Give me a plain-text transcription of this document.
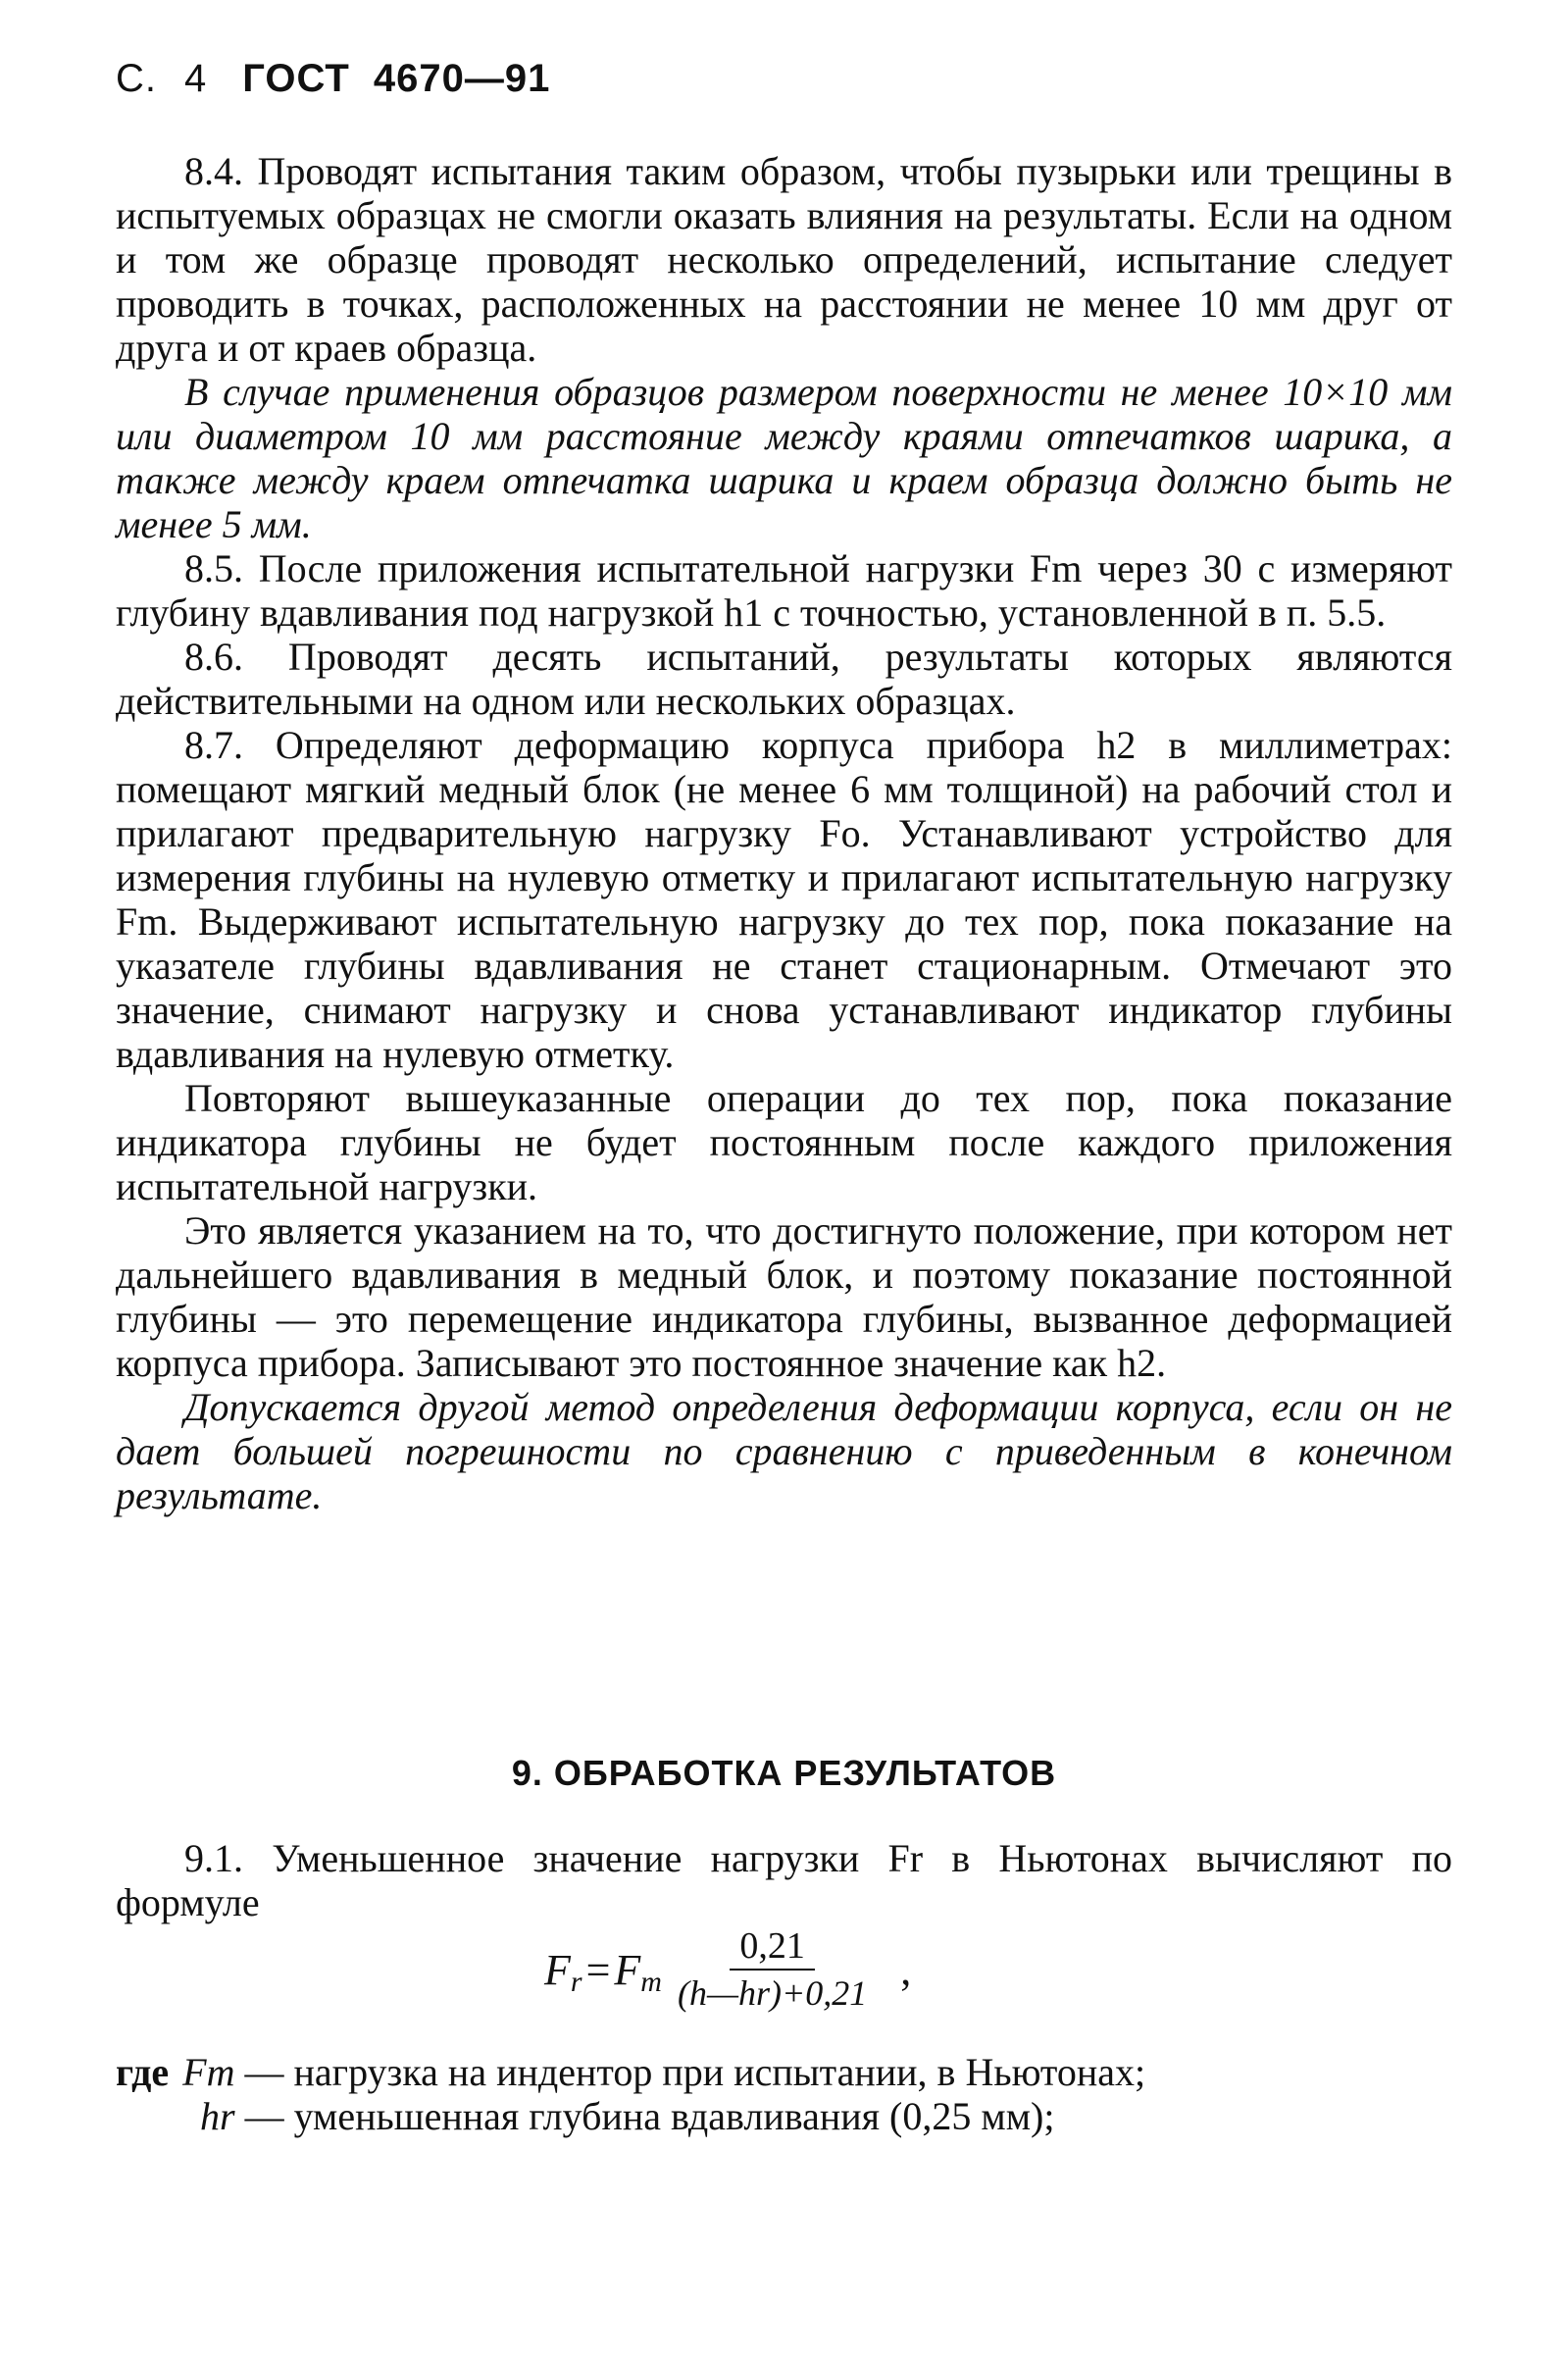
С. 4 ГОСТ 4670—91

8.4. Проводят испытания таким образом, чтобы пузырьки или трещины в испытуемых образцах не смогли оказать влияния на результаты. Если на одном и том же образце проводят несколько определений, испытание следует проводить в точках, расположенных на расстоянии не менее 10 мм друг от друга и от краев образца.

В случае применения образцов размером поверхности не менее 10×10 мм или диаметром 10 мм расстояние между краями отпечатков шарика, а также между краем отпечатка шарика и краем образца должно быть не менее 5 мм.

8.5. После приложения испытательной нагрузки Fm через 30 с измеряют глубину вдавливания под нагрузкой h1 с точностью, установленной в п. 5.5.

8.6. Проводят десять испытаний, результаты которых являются действительными на одном или нескольких образцах.

8.7. Определяют деформацию корпуса прибора h2 в миллиметрах: помещают мягкий медный блок (не менее 6 мм толщиной) на рабочий стол и прилагают предварительную нагрузку Fo. Устанавливают устройство для измерения глубины на нулевую отметку и прилагают испытательную нагрузку Fm. Выдерживают испытательную нагрузку до тех пор, пока показание на указателе глубины вдавливания не станет стационарным. Отмечают это значение, снимают нагрузку и снова устанавливают индикатор глубины вдавливания на нулевую отметку.

Повторяют вышеуказанные операции до тех пор, пока показание индикатора глубины не будет постоянным после каждого приложения испытательной нагрузки.

Это является указанием на то, что достигнуто положение, при котором нет дальнейшего вдавливания в медный блок, и поэтому показание постоянной глубины — это перемещение индикатора глубины, вызванное деформацией корпуса прибора. Записывают это постоянное значение как h2.

Допускается другой метод определения деформации корпуса, если он не дает большей погрешности по сравнению с приведенным в конечном результате.

9. ОБРАБОТКА РЕЗУЛЬТАТОВ

9.1. Уменьшенное значение нагрузки Fr в Ньютонах вычисляют по формуле

F r = F m $\frac{0,21}{(h—hr)+0,21}$ ,
где Fm — нагрузка на индентор при испытании, в Ньютонах;
hr — уменьшенная глубина вдавливания (0,25 мм);
